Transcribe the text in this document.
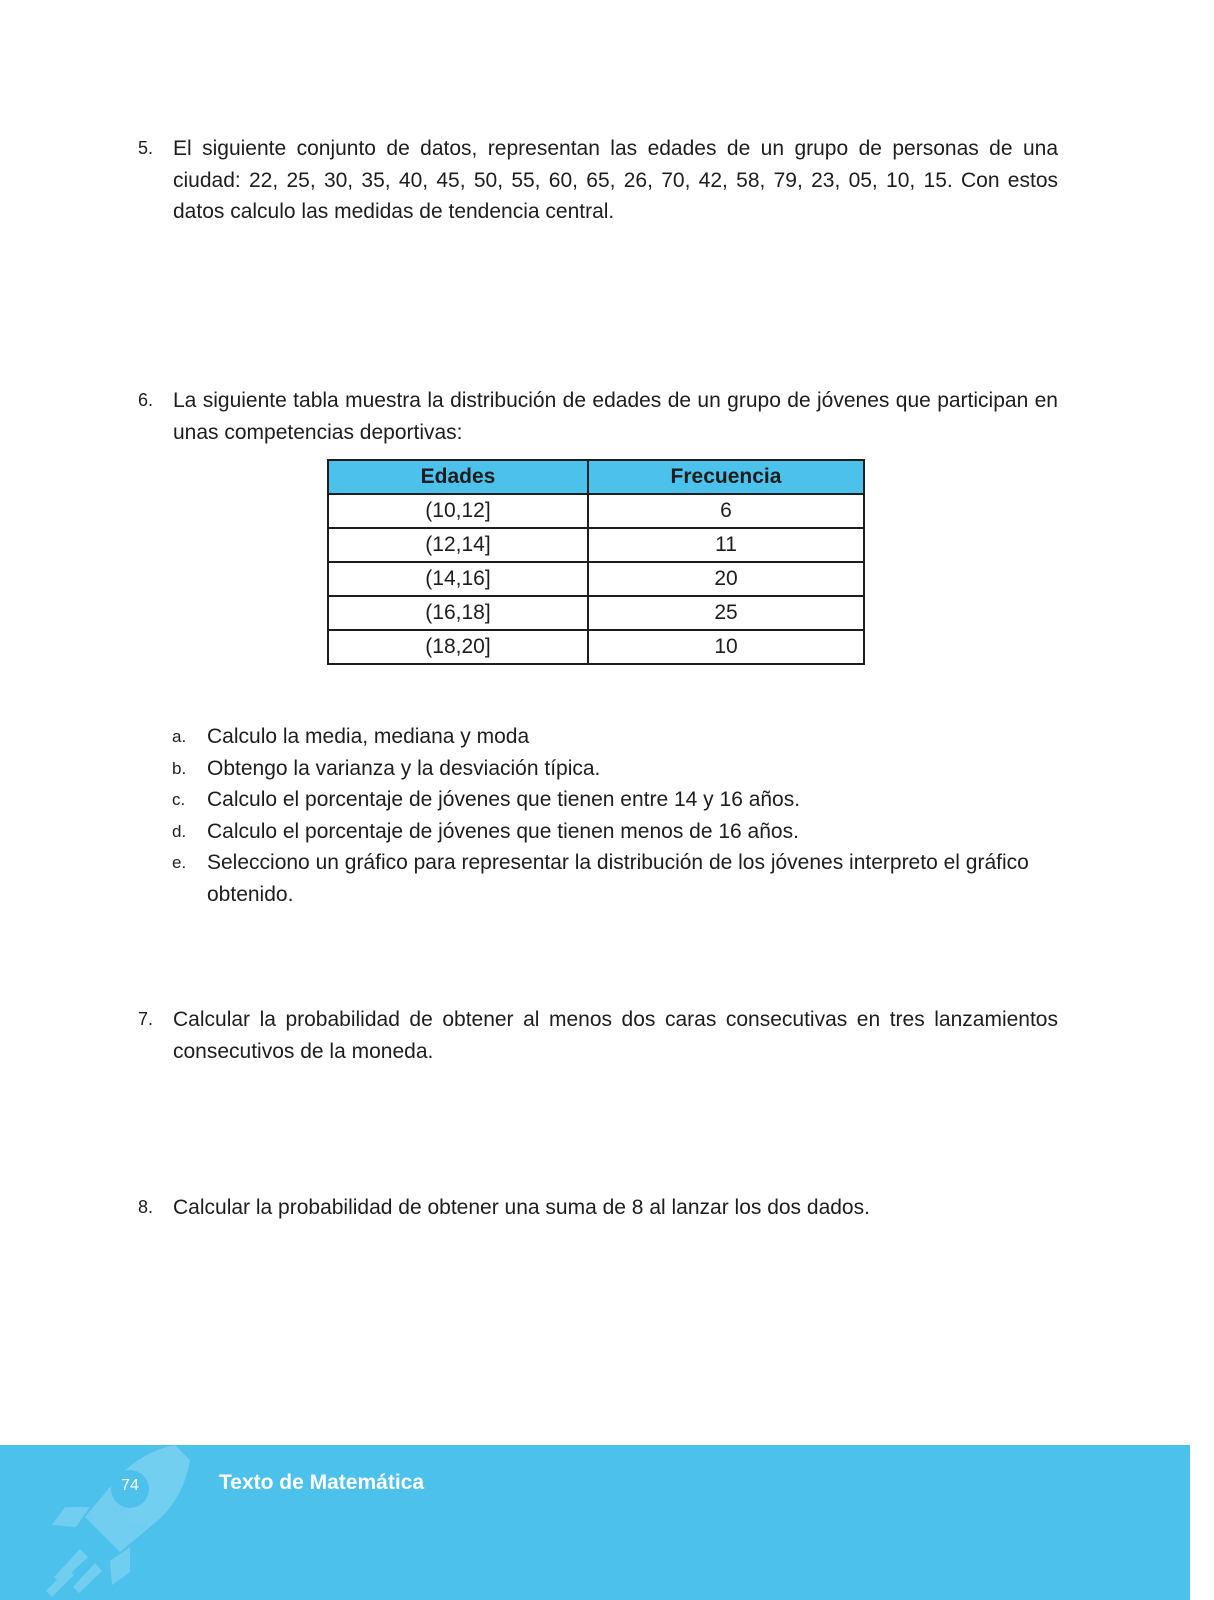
5. El siguiente conjunto de datos, representan las edades de un grupo de personas de una ciudad: 22, 25, 30, 35, 40, 45, 50, 55, 60, 65, 26, 70, 42, 58, 79, 23, 05, 10, 15. Con estos datos calculo las medidas de tendencia central.
6. La siguiente tabla muestra la distribución de edades de un grupo de jóvenes que participan en unas competencias deportivas:
Edades	Frecuencia
(10,12]	6
(12,14]	11
(14,16]	20
(16,18]	25
(18,20]	10
a. Calculo la media, mediana y moda
b. Obtengo la varianza y la desviación típica.
c. Calculo el porcentaje de jóvenes que tienen entre 14 y 16 años.
d. Calculo el porcentaje de jóvenes que tienen menos de 16 años.
e. Selecciono un gráfico para representar la distribución de los jóvenes interpreto el gráfico obtenido.
7. Calcular la probabilidad de obtener al menos dos caras consecutivas en tres lanzamientos consecutivos de la moneda.
8. Calcular la probabilidad de obtener una suma de 8 al lanzar los dos dados.
74	Texto de Matemática
